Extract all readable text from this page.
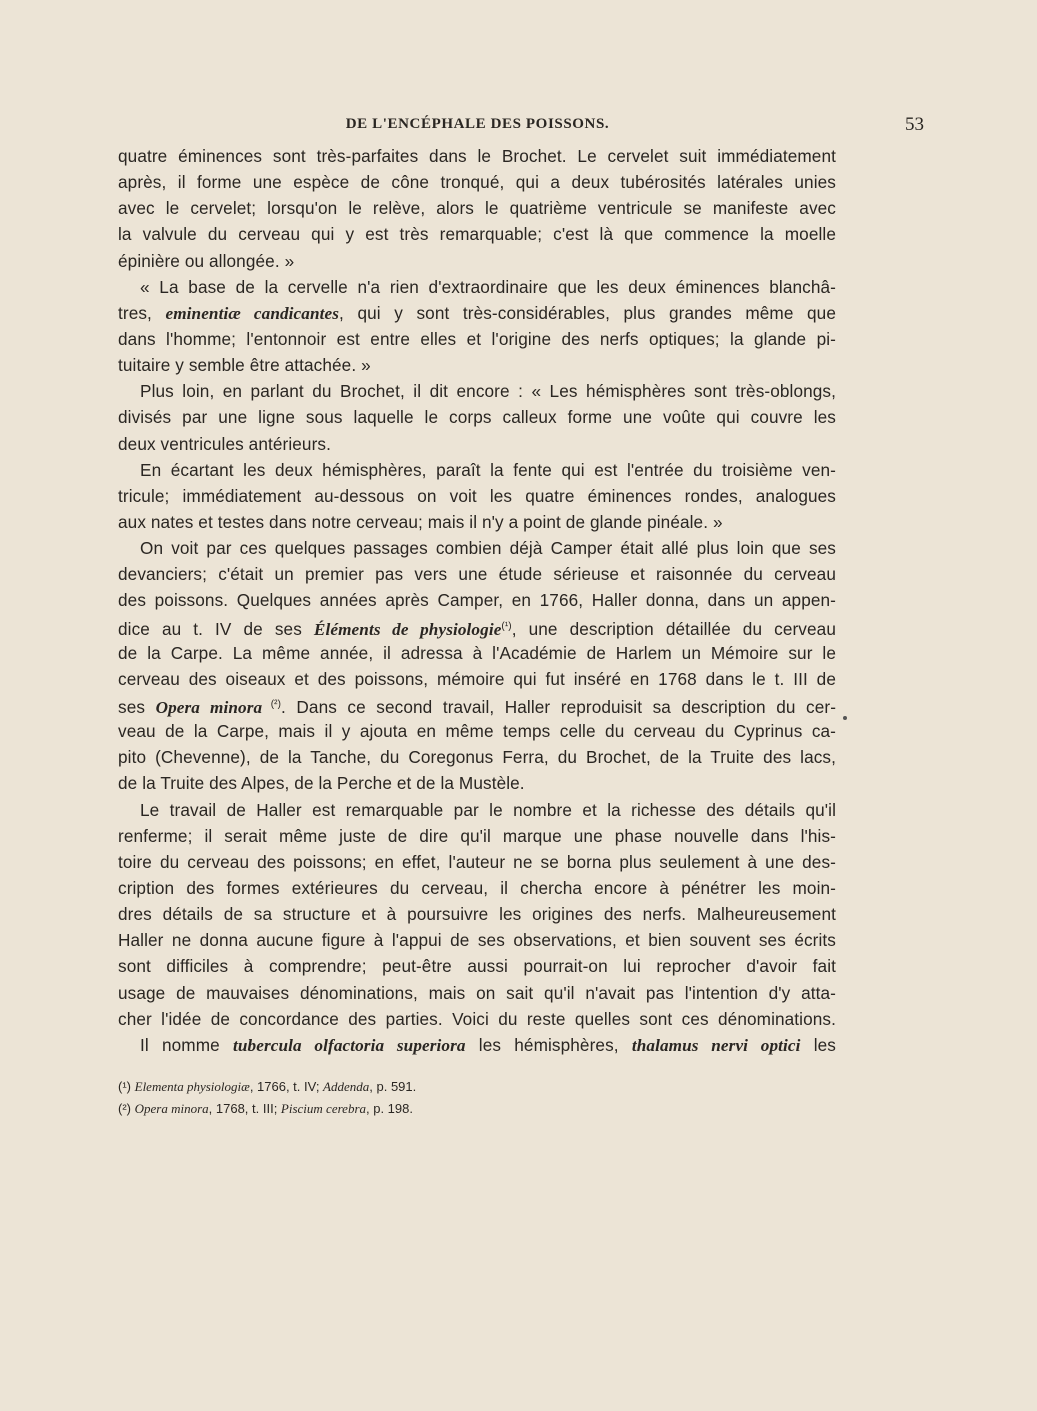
DE L'ENCÉPHALE DES POISSONS.	53
quatre éminences sont très-parfaites dans le Brochet. Le cervelet suit immédiatement
après, il forme une espèce de cône tronqué, qui a deux tubérosités latérales unies
avec le cervelet; lorsqu'on le relève, alors le quatrième ventricule se manifeste avec
la valvule du cerveau qui y est très remarquable; c'est là que commence la moelle
épinière ou allongée. »
« La base de la cervelle n'a rien d'extraordinaire que les deux éminences blanchâ-
tres, eminentiæ candicantes, qui y sont très-considérables, plus grandes même que
dans l'homme; l'entonnoir est entre elles et l'origine des nerfs optiques; la glande pi-
tuitaire y semble être attachée. »
Plus loin, en parlant du Brochet, il dit encore : « Les hémisphères sont très-oblongs,
divisés par une ligne sous laquelle le corps calleux forme une voûte qui couvre les
deux ventricules antérieurs.
En écartant les deux hémisphères, paraît la fente qui est l'entrée du troisième ven-
tricule; immédiatement au-dessous on voit les quatre éminences rondes, analogues
aux nates et testes dans notre cerveau; mais il n'y a point de glande pinéale. »
On voit par ces quelques passages combien déjà Camper était allé plus loin que ses
devanciers; c'était un premier pas vers une étude sérieuse et raisonnée du cerveau
des poissons. Quelques années après Camper, en 1766, Haller donna, dans un appen-
dice au t. IV de ses Éléments de physiologie$^{(^1)}$, une description détaillée du cerveau
de la Carpe. La même année, il adressa à l'Académie de Harlem un Mémoire sur le
cerveau des oiseaux et des poissons, mémoire qui fut inséré en 1768 dans le t. III de
ses Opera minora $^{(^2)}$. Dans ce second travail, Haller reproduisit sa description du cer-
veau de la Carpe, mais il y ajouta en même temps celle du cerveau du Cyprinus ca-
pito (Chevenne), de la Tanche, du Coregonus Ferra, du Brochet, de la Truite des lacs,
de la Truite des Alpes, de la Perche et de la Mustèle.
Le travail de Haller est remarquable par le nombre et la richesse des détails qu'il
renferme; il serait même juste de dire qu'il marque une phase nouvelle dans l'his-
toire du cerveau des poissons; en effet, l'auteur ne se borna plus seulement à une des-
cription des formes extérieures du cerveau, il chercha encore à pénétrer les moin-
dres détails de sa structure et à poursuivre les origines des nerfs. Malheureusement
Haller ne donna aucune figure à l'appui de ses observations, et bien souvent ses écrits
sont difficiles à comprendre; peut-être aussi pourrait-on lui reprocher d'avoir fait
usage de mauvaises dénominations, mais on sait qu'il n'avait pas l'intention d'y atta-
cher l'idée de concordance des parties. Voici du reste quelles sont ces dénominations.
Il nomme tubercula olfactoria superiora les hémisphères, thalamus nervi optici les
(¹) Elementa physiologiæ, 1766, t. IV; Addenda, p. 591.
(²) Opera minora, 1768, t. III; Piscium cerebra, p. 198.
